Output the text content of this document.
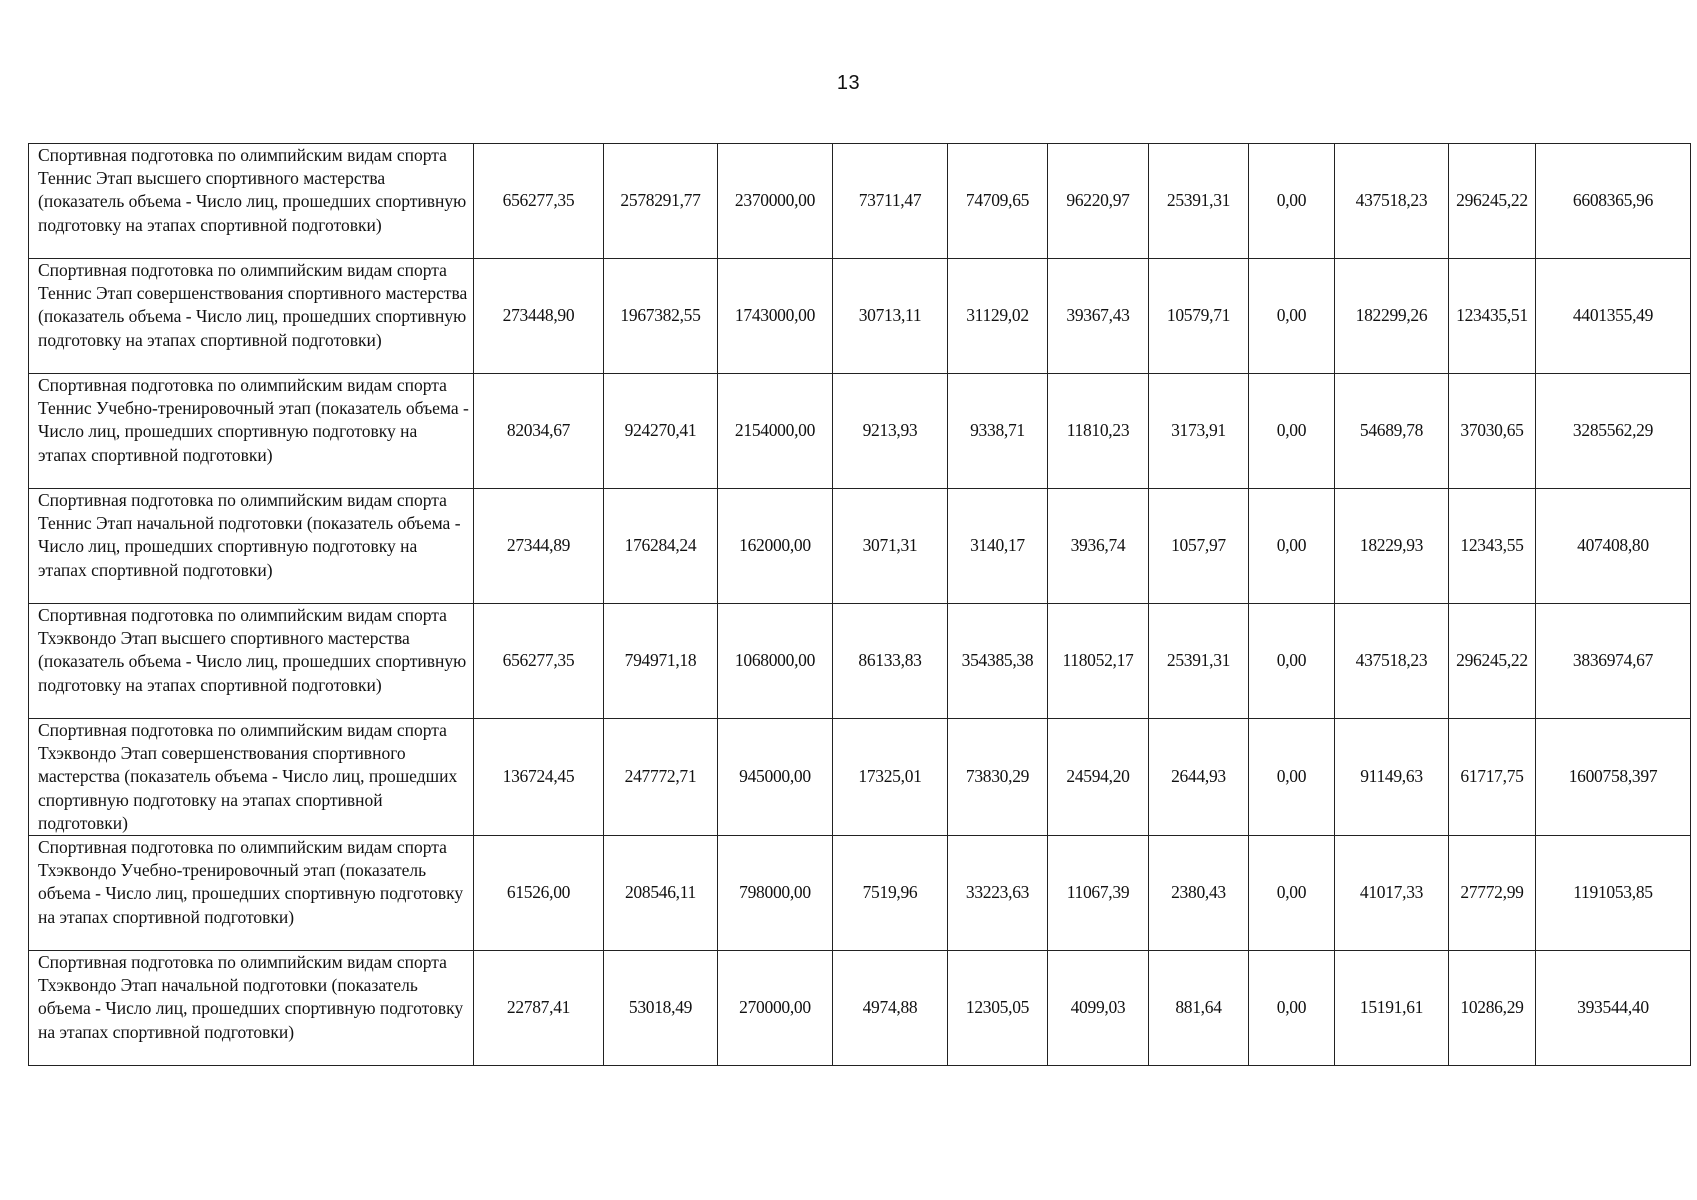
13
Спортивная подготовка по олимпийским видам спорта Теннис Этап высшего спортивного мастерства (показатель объема - Число лиц, прошедших спортивную подготовку на этапах спортивной подготовки)	656277,35	2578291,77	2370000,00	73711,47	74709,65	96220,97	25391,31	0,00	437518,23	296245,22	6608365,96
Спортивная подготовка по олимпийским видам спорта Теннис Этап совершенствования спортивного мастерства (показатель объема - Число лиц, прошедших спортивную подготовку на этапах спортивной подготовки)	273448,90	1967382,55	1743000,00	30713,11	31129,02	39367,43	10579,71	0,00	182299,26	123435,51	4401355,49
Спортивная подготовка по олимпийским видам спорта Теннис Учебно-тренировочный этап (показатель объема - Число лиц, прошедших спортивную подготовку на этапах спортивной подготовки)	82034,67	924270,41	2154000,00	9213,93	9338,71	11810,23	3173,91	0,00	54689,78	37030,65	3285562,29
Спортивная подготовка по олимпийским видам спорта Теннис Этап начальной подготовки (показатель объема - Число лиц, прошедших спортивную подготовку на этапах спортивной подготовки)	27344,89	176284,24	162000,00	3071,31	3140,17	3936,74	1057,97	0,00	18229,93	12343,55	407408,80
Спортивная подготовка по олимпийским видам спорта Тхэквондо Этап высшего спортивного мастерства (показатель объема - Число лиц, прошедших спортивную подготовку на этапах спортивной подготовки)	656277,35	794971,18	1068000,00	86133,83	354385,38	118052,17	25391,31	0,00	437518,23	296245,22	3836974,67
Спортивная подготовка по олимпийским видам спорта Тхэквондо Этап совершенствования спортивного мастерства (показатель объема - Число лиц, прошедших спортивную подготовку на этапах спортивной подготовки)	136724,45	247772,71	945000,00	17325,01	73830,29	24594,20	2644,93	0,00	91149,63	61717,75	1600758,397
Спортивная подготовка по олимпийским видам спорта Тхэквондо Учебно-тренировочный этап (показатель объема - Число лиц, прошедших спортивную подготовку на этапах спортивной подготовки)	61526,00	208546,11	798000,00	7519,96	33223,63	11067,39	2380,43	0,00	41017,33	27772,99	1191053,85
Спортивная подготовка по олимпийским видам спорта Тхэквондо Этап начальной подготовки (показатель объема - Число лиц, прошедших спортивную подготовку на этапах спортивной подготовки)	22787,41	53018,49	270000,00	4974,88	12305,05	4099,03	881,64	0,00	15191,61	10286,29	393544,40
